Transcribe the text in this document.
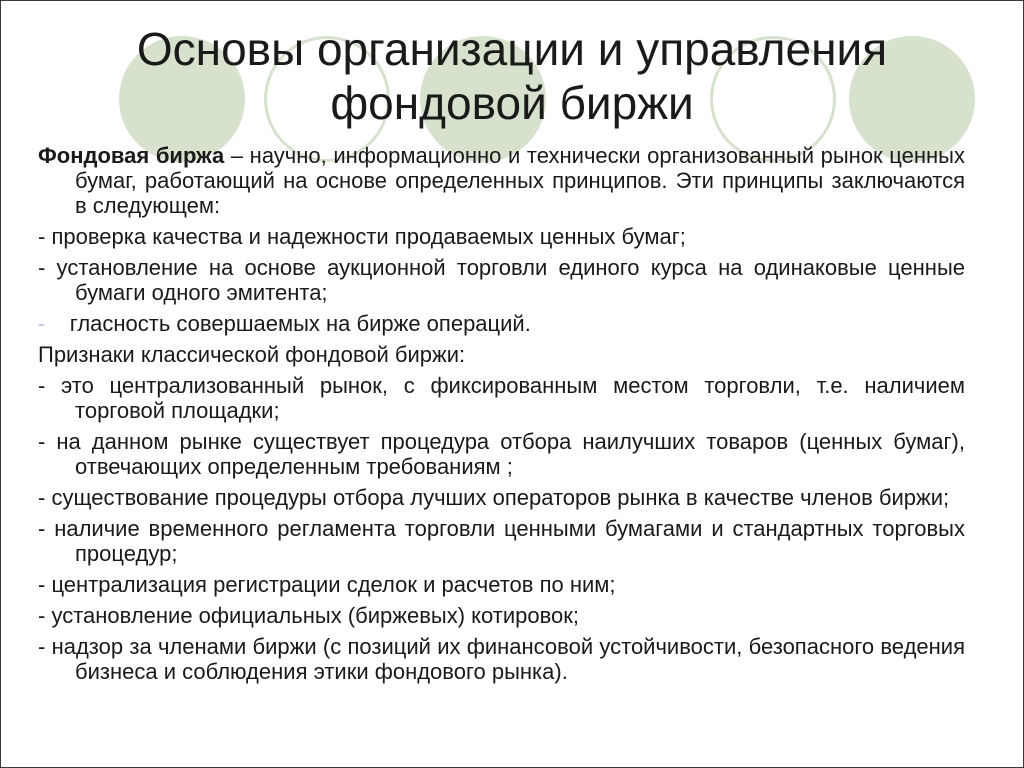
Основы организации и управления
фондовой биржи

Фондовая биржа – научно, информационно и технически организованный рынок ценных бумаг, работающий на основе определенных принципов. Эти принципы заключаются в следующем:

- проверка качества и надежности продаваемых ценных бумаг;

- установление на основе аукционной торговли единого курса на одинаковые ценные бумаги одного эмитента;

- гласность совершаемых на бирже операций.

Признаки классической фондовой биржи:

- это централизованный рынок, с фиксированным местом торговли, т.е. наличием торговой площадки;

- на данном рынке существует процедура отбора наилучших товаров (ценных бумаг), отвечающих определенным требованиям ;

- существование процедуры отбора лучших операторов рынка в качестве членов биржи;

- наличие временного регламента торговли ценными бумагами и стандартных торговых процедур;

- централизация регистрации сделок и расчетов по ним;

- установление официальных (биржевых) котировок;

- надзор за членами биржи (с позиций их финансовой устойчивости, безопасного ведения бизнеса и соблюдения этики фондового рынка).
